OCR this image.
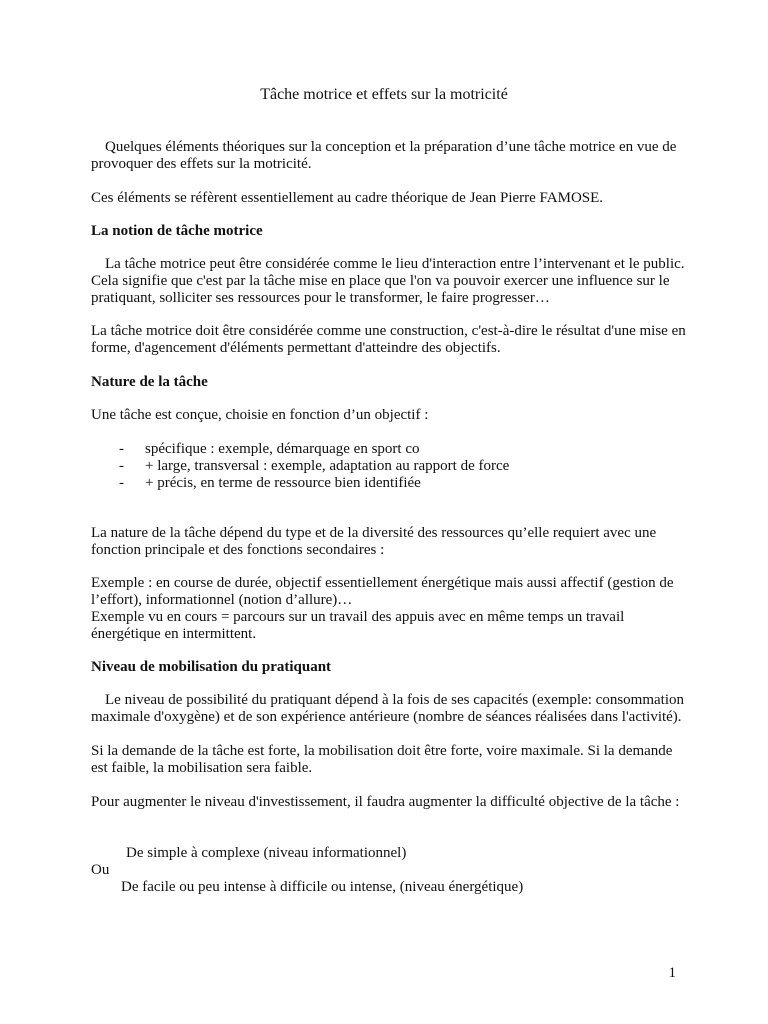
Tâche motrice et effets sur la motricité

Quelques éléments théoriques sur la conception et la préparation d’une tâche motrice en vue de provoquer des effets sur la motricité.

Ces éléments se réfèrent essentiellement au cadre théorique de Jean Pierre FAMOSE.

La notion de tâche motrice

La tâche motrice peut être considérée comme le lieu d'interaction entre l’intervenant et le public. Cela signifie que c'est par la tâche mise en place que l'on va pouvoir exercer une influence sur le pratiquant, solliciter ses ressources pour le transformer, le faire progresser…

La tâche motrice doit être considérée comme une construction, c'est-à-dire le résultat d'une mise en forme, d'agencement d'éléments permettant d'atteindre des objectifs.

Nature de la tâche

Une tâche est conçue, choisie en fonction d’un objectif :

- spécifique : exemple, démarquage en sport co
- + large, transversal : exemple, adaptation au rapport de force
- + précis, en terme de ressource bien identifiée

La nature de la tâche dépend du type et de la diversité des ressources qu’elle requiert avec une fonction principale et des fonctions secondaires :

Exemple : en course de durée, objectif essentiellement énergétique mais aussi affectif (gestion de l’effort), informationnel (notion d’allure)…

Exemple vu en cours = parcours sur un travail des appuis avec en même temps un travail énergétique en intermittent.

Niveau de mobilisation du pratiquant

Le niveau de possibilité du pratiquant dépend à la fois de ses capacités (exemple: consommation maximale d'oxygène) et de son expérience antérieure (nombre de séances réalisées dans l'activité).

Si la demande de la tâche est forte, la mobilisation doit être forte, voire maximale. Si la demande est faible, la mobilisation sera faible.

Pour augmenter le niveau d'investissement, il faudra augmenter la difficulté objective de la tâche :

De simple à complexe (niveau informationnel)

Ou

De facile ou peu intense à difficile ou intense, (niveau énergétique)

1
